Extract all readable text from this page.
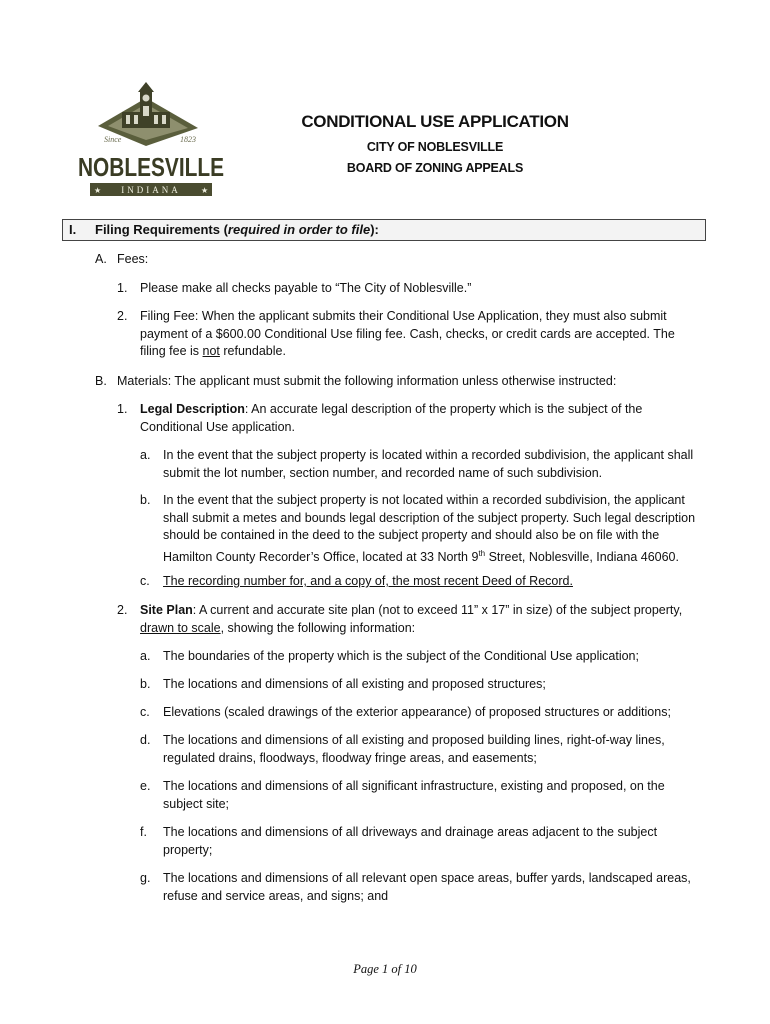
Since	1823
NOBLESVILLE
INDIANA
★	★
CONDITIONAL USE APPLICATION
CITY OF NOBLESVILLE
BOARD OF ZONING APPEALS
I. Filing Requirements (required in order to file):
A. Fees:
1. Please make all checks payable to “The City of Noblesville.”
2. Filing Fee: When the applicant submits their Conditional Use Application, they must also submit payment of a $600.00 Conditional Use filing fee. Cash, checks, or credit cards are accepted. The filing fee is not refundable.
B. Materials: The applicant must submit the following information unless otherwise instructed:
1. Legal Description: An accurate legal description of the property which is the subject of the Conditional Use application.
a. In the event that the subject property is located within a recorded subdivision, the applicant shall submit the lot number, section number, and recorded name of such subdivision.
b. In the event that the subject property is not located within a recorded subdivision, the applicant shall submit a metes and bounds legal description of the subject property. Such legal description should be contained in the deed to the subject property and should also be on file with the Hamilton County Recorder’s Office, located at 33 North 9th Street, Noblesville, Indiana 46060.
c. The recording number for, and a copy of, the most recent Deed of Record.
2. Site Plan: A current and accurate site plan (not to exceed 11” x 17” in size) of the subject property, drawn to scale, showing the following information:
a. The boundaries of the property which is the subject of the Conditional Use application;
b. The locations and dimensions of all existing and proposed structures;
c. Elevations (scaled drawings of the exterior appearance) of proposed structures or additions;
d. The locations and dimensions of all existing and proposed building lines, right-of-way lines, regulated drains, floodways, floodway fringe areas, and easements;
e. The locations and dimensions of all significant infrastructure, existing and proposed, on the subject site;
f. The locations and dimensions of all driveways and drainage areas adjacent to the subject property;
g. The locations and dimensions of all relevant open space areas, buffer yards, landscaped areas, refuse and service areas, and signs; and
Page 1 of 10
